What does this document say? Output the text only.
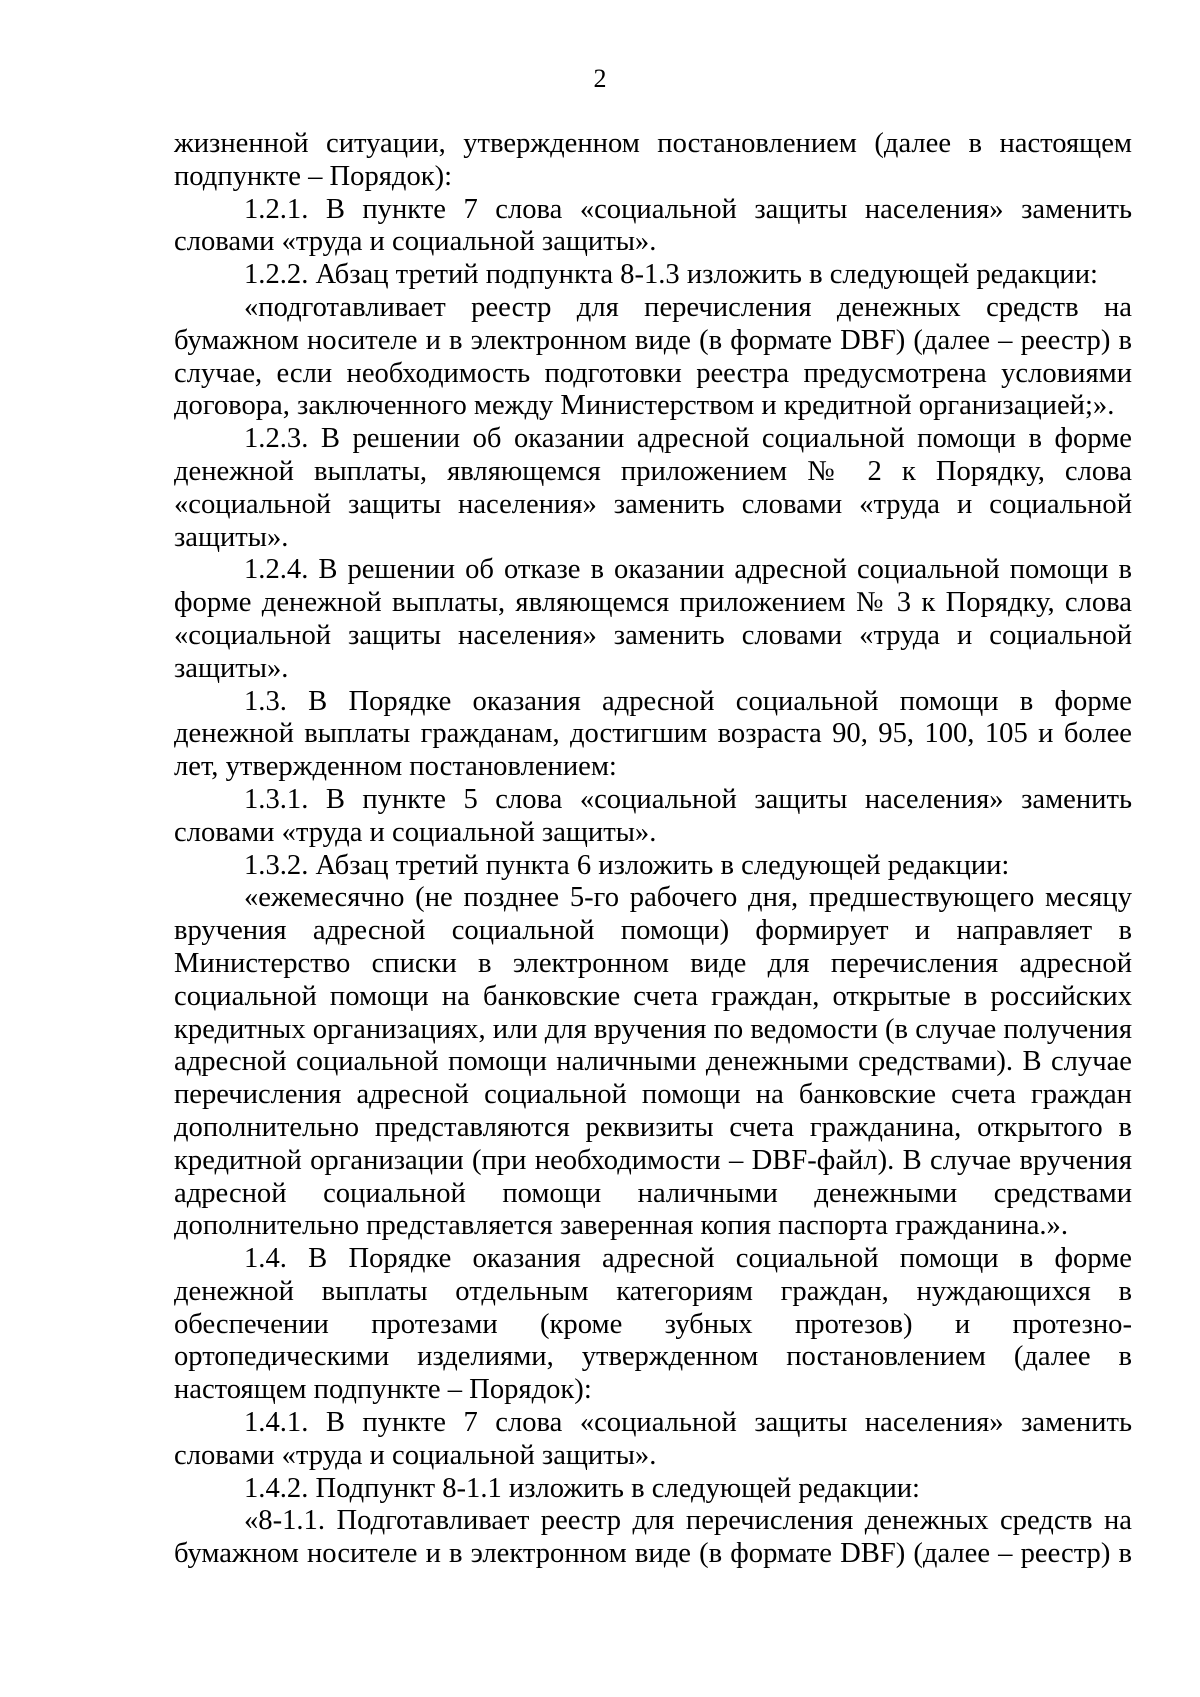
2

жизненной ситуации, утвержденном постановлением (далее в настоящем подпункте – Порядок):

1.2.1. В пункте 7 слова «социальной защиты населения» заменить словами «труда и социальной защиты».

1.2.2. Абзац третий подпункта 8-1.3 изложить в следующей редакции:

«подготавливает реестр для перечисления денежных средств на бумажном носителе и в электронном виде (в формате DBF) (далее – реестр) в случае, если необходимость подготовки реестра предусмотрена условиями договора, заключенного между Министерством и кредитной организацией;».

1.2.3. В решении об оказании адресной социальной помощи в форме денежной выплаты, являющемся приложением № 2 к Порядку, слова «социальной защиты населения» заменить словами «труда и социальной защиты».

1.2.4. В решении об отказе в оказании адресной социальной помощи в форме денежной выплаты, являющемся приложением № 3 к Порядку, слова «социальной защиты населения» заменить словами «труда и социальной защиты».

1.3. В Порядке оказания адресной социальной помощи в форме денежной выплаты гражданам, достигшим возраста 90, 95, 100, 105 и более лет, утвержденном постановлением:

1.3.1. В пункте 5 слова «социальной защиты населения» заменить словами «труда и социальной защиты».

1.3.2. Абзац третий пункта 6 изложить в следующей редакции:

«ежемесячно (не позднее 5-го рабочего дня, предшествующего месяцу вручения адресной социальной помощи) формирует и направляет в Министерство списки в электронном виде для перечисления адресной социальной помощи на банковские счета граждан, открытые в российских кредитных организациях, или для вручения по ведомости (в случае получения адресной социальной помощи наличными денежными средствами). В случае перечисления адресной социальной помощи на банковские счета граждан дополнительно представляются реквизиты счета гражданина, открытого в кредитной организации (при необходимости – DBF-файл). В случае вручения адресной социальной помощи наличными денежными средствами дополнительно представляется заверенная копия паспорта гражданина.».

1.4. В Порядке оказания адресной социальной помощи в форме денежной выплаты отдельным категориям граждан, нуждающихся в обеспечении протезами (кроме зубных протезов) и протезно-ортопедическими изделиями, утвержденном постановлением (далее в настоящем подпункте – Порядок):

1.4.1. В пункте 7 слова «социальной защиты населения» заменить словами «труда и социальной защиты».

1.4.2. Подпункт 8-1.1 изложить в следующей редакции:

«8-1.1. Подготавливает реестр для перечисления денежных средств на бумажном носителе и в электронном виде (в формате DBF) (далее – реестр) в
